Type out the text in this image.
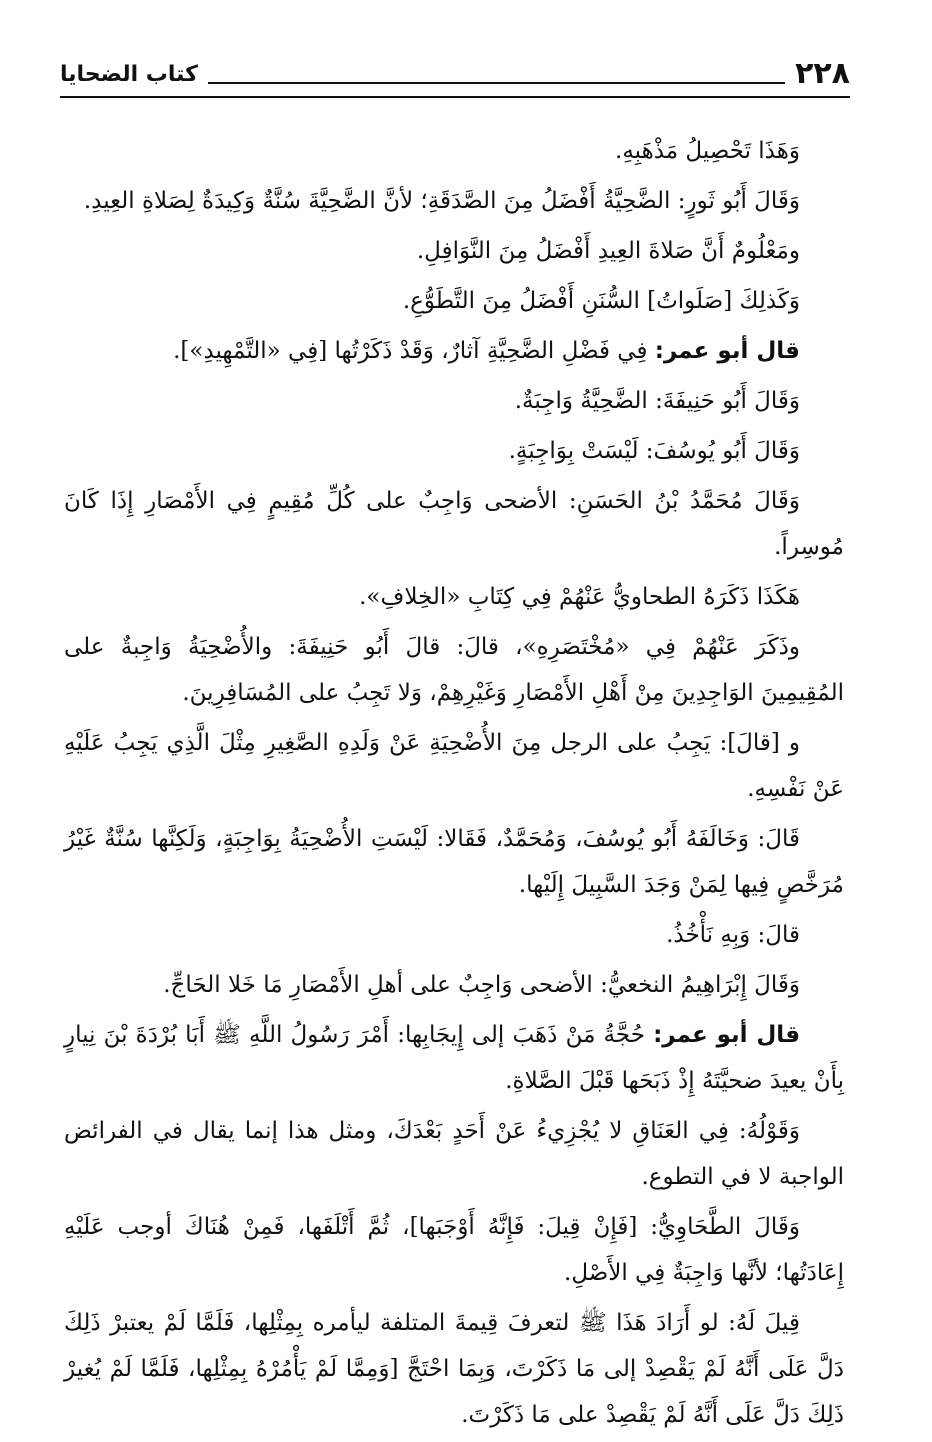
٢٢٨
كتاب الضحايا

وَهَذَا تَحْصِيلُ مَذْهَبِهِ.

وَقَالَ أَبُو ثَورٍ: الضَّحِيَّةُ أَفْضَلُ مِنَ الصَّدَقَةِ؛ لأنَّ الضَّحِيَّةَ سُنَّةٌ وَكِيدَةٌ لِصَلاةِ العِيدِ.

ومَعْلُومٌ أَنَّ صَلاةَ العِيدِ أَفْضَلُ مِنَ النَّوَافِلِ.

وَكَذلِكَ [صَلَواتُ] السُّنَنِ أَفْضَلُ مِنَ التَّطَوُّعِ.

قال أبو عمر: فِي فَضْلِ الضَّحِيَّةِ آثارٌ، وَقَدْ ذَكَرْتُها [فِي «التَّمْهِيدِ»].

وَقَالَ أَبُو حَنِيفَةَ: الضَّحِيَّةُ وَاجِبَةٌ.

وَقَالَ أَبُو يُوسُفَ: لَيْسَتْ بِوَاجِبَةٍ.

وَقَالَ مُحَمَّدُ بْنُ الحَسَنِ: الأضحى وَاجِبٌ على كُلِّ مُقِيمٍ فِي الأَمْصَارِ إِذَا كَانَ مُوسِراً.

هَكَذَا ذَكَرَهُ الطحاويُّ عَنْهُمْ فِي كِتَابِ «الخِلافِ».

وذَكَرَ عَنْهُمْ فِي «مُخْتَصَرِهِ»، قالَ: قالَ أَبُو حَنِيفَةَ: والأُضْحِيَةُ وَاجِبةٌ على المُقِيمِينَ الوَاجِدِينَ مِنْ أَهْلِ الأَمْصَارِ وَغَيْرِهِمْ، وَلا تَجِبُ على المُسَافِرِينَ.

و [قالَ]: يَجِبُ على الرجل مِنَ الأُضْحِيَةِ عَنْ وَلَدِهِ الصَّغِيرِ مِثْلَ الَّذِي يَجِبُ عَلَيْهِ عَنْ نَفْسِهِ.

قَالَ: وَخَالَفَهُ أَبُو يُوسُفَ، وَمُحَمَّدٌ، فَقَالا: لَيْسَتِ الأُضْحِيَةُ بِوَاجِبَةٍ، وَلَكِنَّها سُنَّةٌ غَيْرُ مُرَخَّصٍ فِيها لِمَنْ وَجَدَ السَّبِيلَ إِلَيْها.

قالَ: وَبِهِ نَأْخُذُ.

وَقَالَ إِبْرَاهِيمُ النخعيُّ: الأضحى وَاجِبٌ على أهلِ الأَمْصَارِ مَا خَلا الحَاجِّ.

قال أبو عمر: حُجَّةُ مَنْ ذَهَبَ إلى إِيجَابِها: أَمْرَ رَسُولُ اللَّهِ ﷺ أَبَا بُرْدَةَ بْنَ نِيارٍ بِأَنْ يعيدَ ضحيَّتَهُ إِذْ ذَبَحَها قَبْلَ الصَّلاةِ.

وَقَوْلُهُ: فِي العَنَاقِ لا يُجْزِيءُ عَنْ أَحَدٍ بَعْدَكَ، ومثل هذا إنما يقال في الفرائض الواجبة لا في التطوع.

وَقَالَ الطَّحَاوِيُّ: [فَإِنْ قِيلَ: فَإِنَّهُ أَوْجَبَها]، ثُمَّ أَتْلَفَها، فَمِنْ هُنَاكَ أوجب عَلَيْهِ إِعَادَتُها؛ لأنَّها وَاجِبَةٌ فِي الأَصْلِ.

قِيلَ لَهُ: لو أَرَادَ هَذَا ﷺ لتعرفَ قِيمةَ المتلفة ليأمره بِمِثْلِها، فَلَمَّا لَمْ يعتبرْ ذَلِكَ دَلَّ عَلَى أَنَّهُ لَمْ يَقْصِدْ إلى مَا ذَكَرْتَ، وَبِمَا احْتَجَّ [وَمِمَّا لَمْ يَأْمُرْهُ بِمِثْلِها، فَلَمَّا لَمْ يُغيرْ ذَلِكَ دَلَّ عَلَى أَنَّهُ لَمْ يَقْصِدْ على مَا ذَكَرْتَ.
